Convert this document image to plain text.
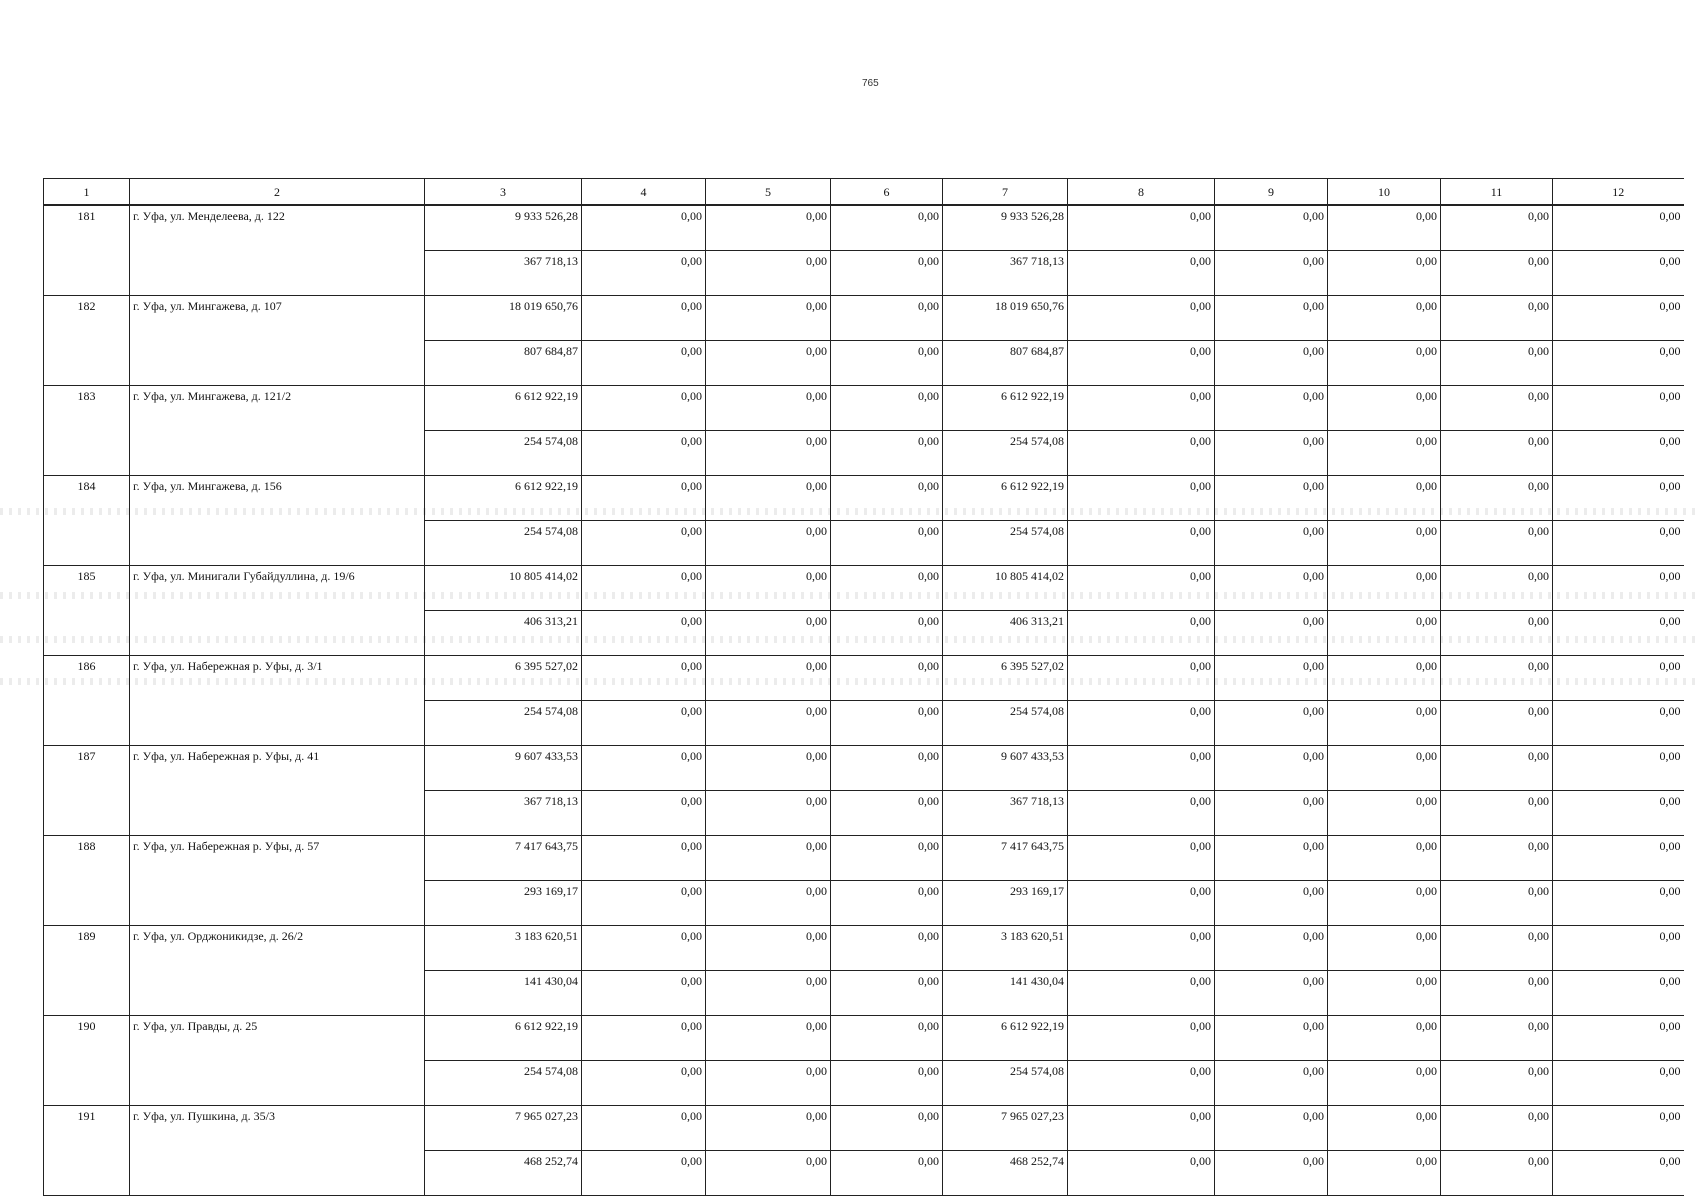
765
1	2	3	4	5	6	7	8	9	10	11	12
181	г. Уфа, ул. Менделеева, д. 122	9 933 526,28	0,00	0,00	0,00	9 933 526,28	0,00	0,00	0,00	0,00	0,00
		367 718,13	0,00	0,00	0,00	367 718,13	0,00	0,00	0,00	0,00	0,00
182	г. Уфа, ул. Мингажева, д. 107	18 019 650,76	0,00	0,00	0,00	18 019 650,76	0,00	0,00	0,00	0,00	0,00
		807 684,87	0,00	0,00	0,00	807 684,87	0,00	0,00	0,00	0,00	0,00
183	г. Уфа, ул. Мингажева, д. 121/2	6 612 922,19	0,00	0,00	0,00	6 612 922,19	0,00	0,00	0,00	0,00	0,00
		254 574,08	0,00	0,00	0,00	254 574,08	0,00	0,00	0,00	0,00	0,00
184	г. Уфа, ул. Мингажева, д. 156	6 612 922,19	0,00	0,00	0,00	6 612 922,19	0,00	0,00	0,00	0,00	0,00
		254 574,08	0,00	0,00	0,00	254 574,08	0,00	0,00	0,00	0,00	0,00
185	г. Уфа, ул. Минигали Губайдуллина, д. 19/6	10 805 414,02	0,00	0,00	0,00	10 805 414,02	0,00	0,00	0,00	0,00	0,00
		406 313,21	0,00	0,00	0,00	406 313,21	0,00	0,00	0,00	0,00	0,00
186	г. Уфа, ул. Набережная р. Уфы, д. 3/1	6 395 527,02	0,00	0,00	0,00	6 395 527,02	0,00	0,00	0,00	0,00	0,00
		254 574,08	0,00	0,00	0,00	254 574,08	0,00	0,00	0,00	0,00	0,00
187	г. Уфа, ул. Набережная р. Уфы, д. 41	9 607 433,53	0,00	0,00	0,00	9 607 433,53	0,00	0,00	0,00	0,00	0,00
		367 718,13	0,00	0,00	0,00	367 718,13	0,00	0,00	0,00	0,00	0,00
188	г. Уфа, ул. Набережная р. Уфы, д. 57	7 417 643,75	0,00	0,00	0,00	7 417 643,75	0,00	0,00	0,00	0,00	0,00
		293 169,17	0,00	0,00	0,00	293 169,17	0,00	0,00	0,00	0,00	0,00
189	г. Уфа, ул. Орджоникидзе, д. 26/2	3 183 620,51	0,00	0,00	0,00	3 183 620,51	0,00	0,00	0,00	0,00	0,00
		141 430,04	0,00	0,00	0,00	141 430,04	0,00	0,00	0,00	0,00	0,00
190	г. Уфа, ул. Правды, д. 25	6 612 922,19	0,00	0,00	0,00	6 612 922,19	0,00	0,00	0,00	0,00	0,00
		254 574,08	0,00	0,00	0,00	254 574,08	0,00	0,00	0,00	0,00	0,00
191	г. Уфа, ул. Пушкина, д. 35/3	7 965 027,23	0,00	0,00	0,00	7 965 027,23	0,00	0,00	0,00	0,00	0,00
		468 252,74	0,00	0,00	0,00	468 252,74	0,00	0,00	0,00	0,00	0,00
